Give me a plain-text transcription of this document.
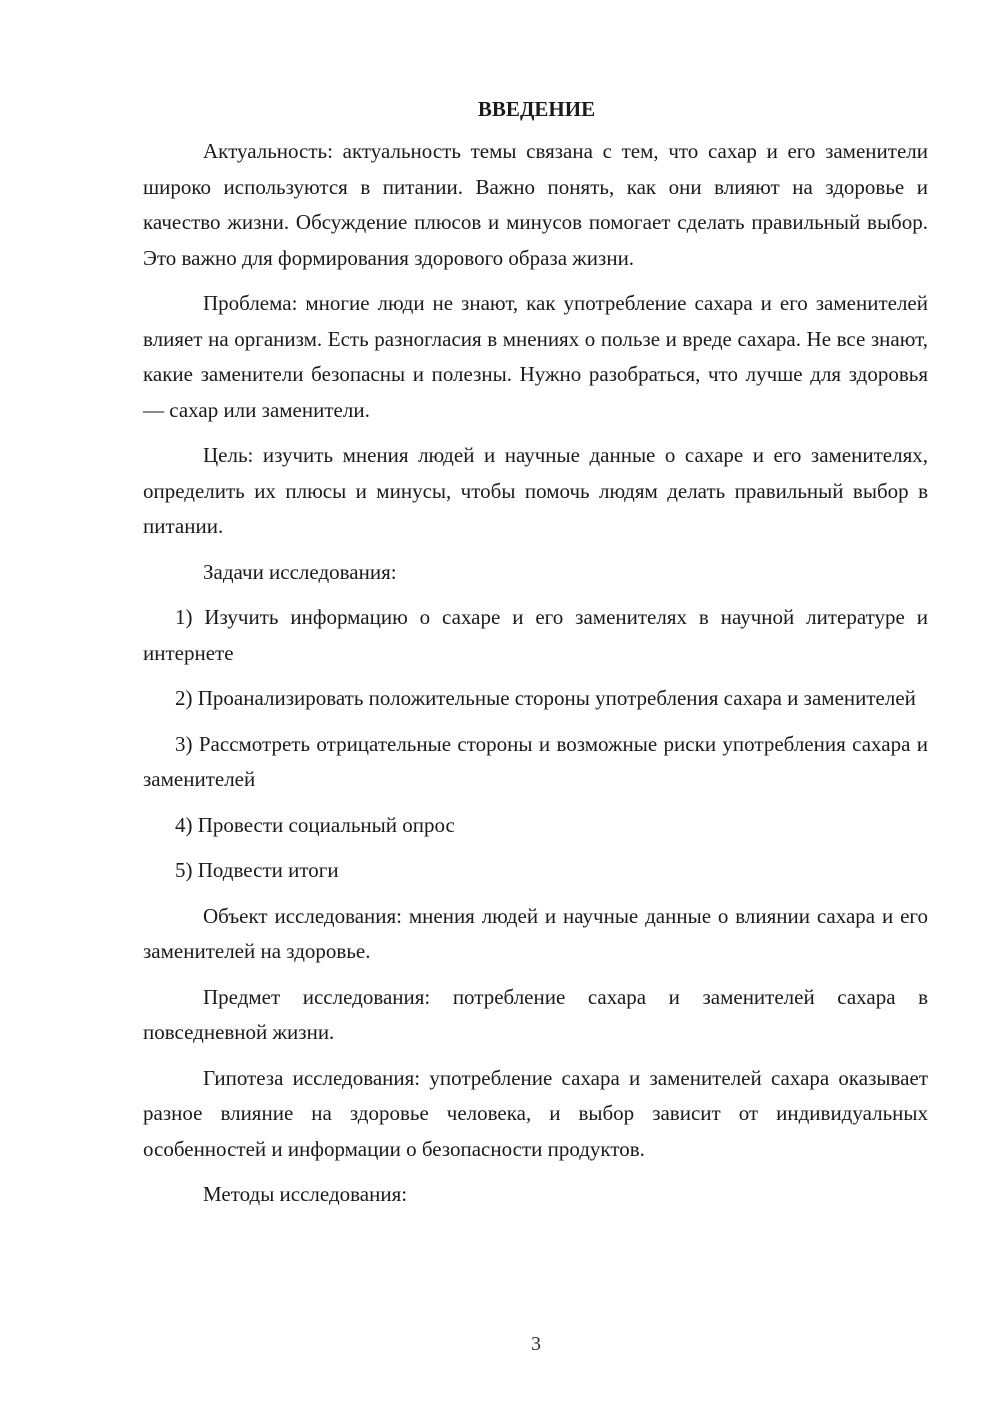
ВВЕДЕНИЕ

Актуальность: актуальность темы связана с тем, что сахар и его заменители широко используются в питании. Важно понять, как они влияют на здоровье и качество жизни. Обсуждение плюсов и минусов помогает сделать правильный выбор. Это важно для формирования здорового образа жизни.

Проблема: многие люди не знают, как употребление сахара и его заменителей влияет на организм. Есть разногласия в мнениях о пользе и вреде сахара. Не все знают, какие заменители безопасны и полезны. Нужно разобраться, что лучше для здоровья — сахар или заменители.

Цель: изучить мнения людей и научные данные о сахаре и его заменителях, определить их плюсы и минусы, чтобы помочь людям делать правильный выбор в питании.

Задачи исследования:

1) Изучить информацию о сахаре и его заменителях в научной литературе и интернете

2) Проанализировать положительные стороны употребления сахара и заменителей

3) Рассмотреть отрицательные стороны и возможные риски употребления сахара и заменителей

4) Провести социальный опрос

5) Подвести итоги

Объект исследования: мнения людей и научные данные о влиянии сахара и его заменителей на здоровье.

Предмет исследования: потребление сахара и заменителей сахара в повседневной жизни.

Гипотеза исследования: употребление сахара и заменителей сахара оказывает разное влияние на здоровье человека, и выбор зависит от индивидуальных особенностей и информации о безопасности продуктов.

Методы исследования:

3
